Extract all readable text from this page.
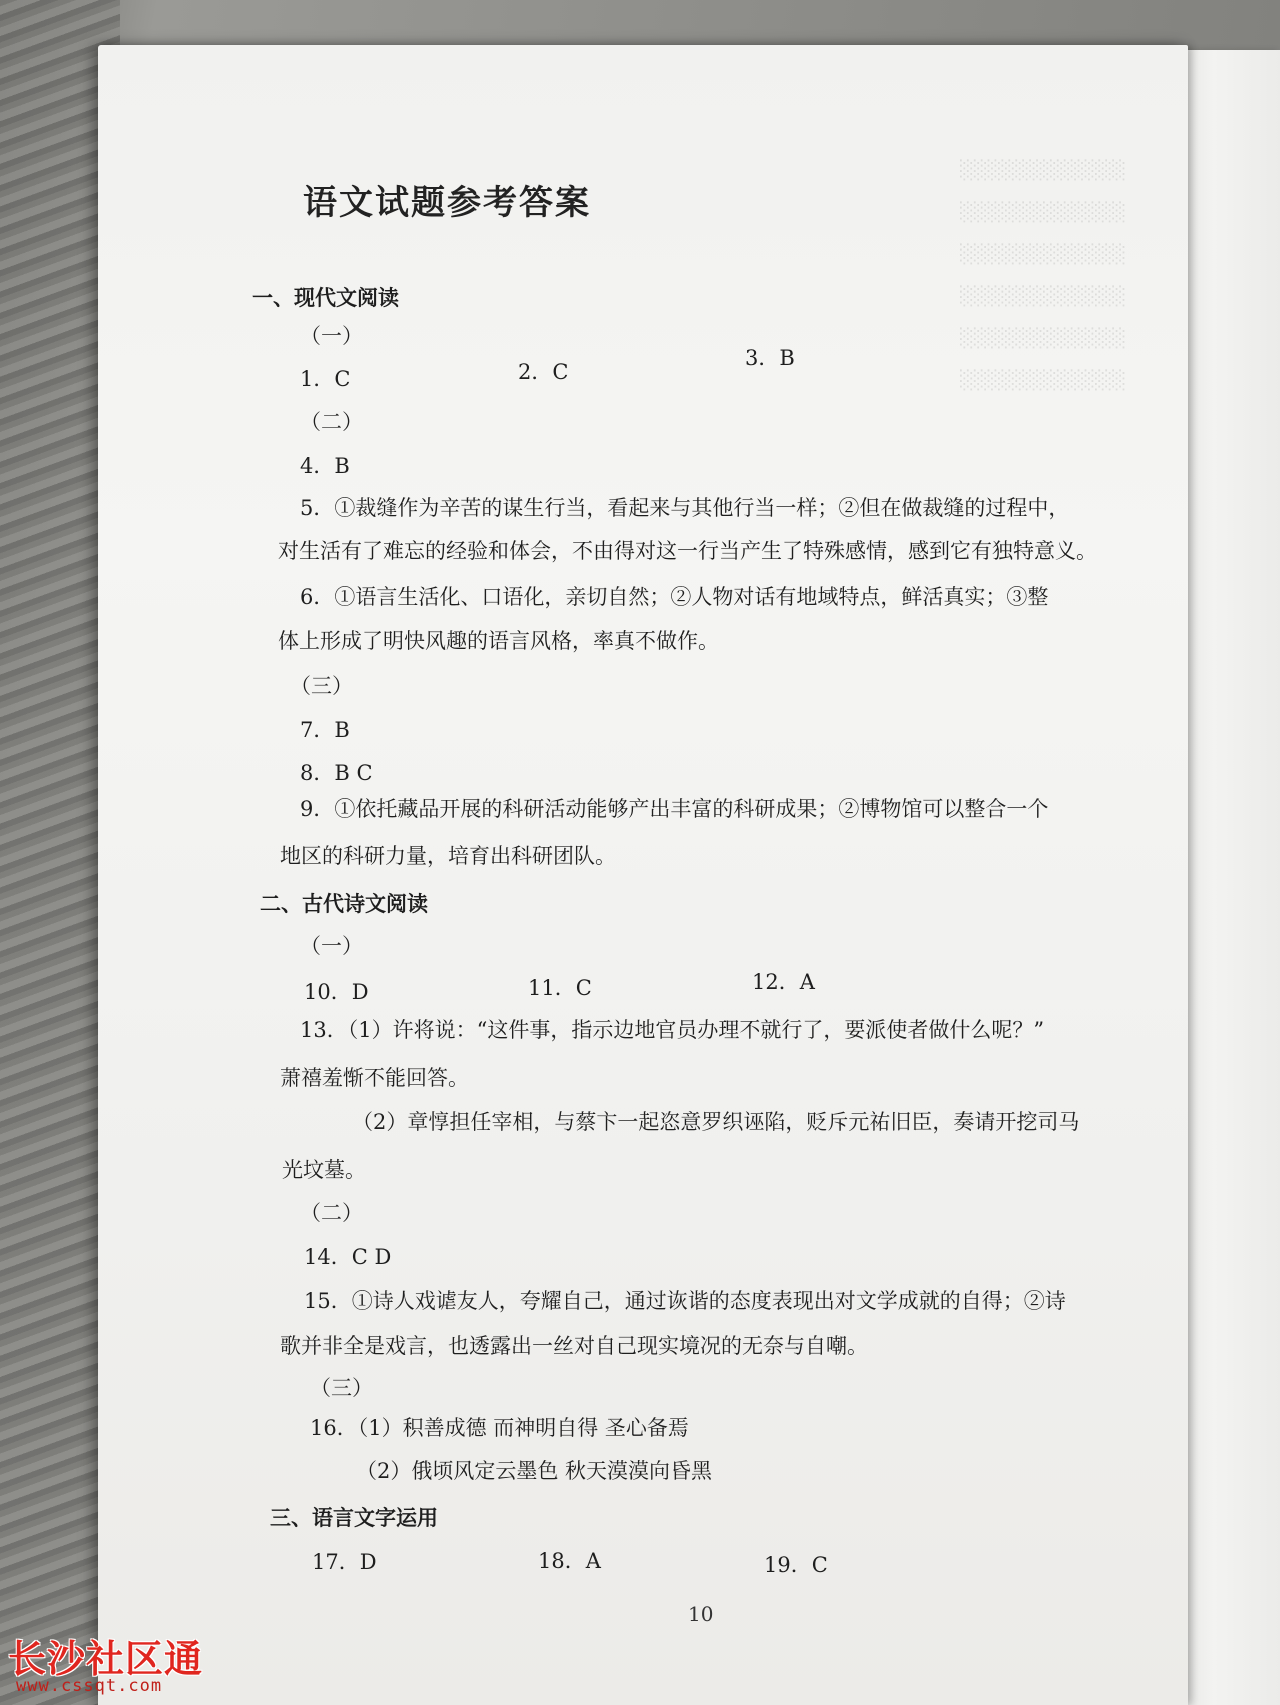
░░░░░░░░░░░░
░░░░░░░░░░░░
░░░░░░░░░░░░
░░░░░░░░░░░░
░░░░░░░░░░░░
░░░░░░░░░░░░
语文试题参考答案
一、现代文阅读
（一）
1．C	2．C
3．B
（二）
4．B
5．①裁缝作为辛苦的谋生行当，看起来与其他行当一样；②但在做裁缝的过程中，
对生活有了难忘的经验和体会，不由得对这一行当产生了特殊感情，感到它有独特意义。
6．①语言生活化、口语化，亲切自然；②人物对话有地域特点，鲜活真实；③整
体上形成了明快风趣的语言风格，率真不做作。
（三）
7．B
8．B C
9．①依托藏品开展的科研活动能够产出丰富的科研成果；②博物馆可以整合一个
地区的科研力量，培育出科研团队。
二、古代诗文阅读
（一）
10．D	11．C	12．A
13．（1）许将说：“这件事，指示边地官员办理不就行了，要派使者做什么呢？”
萧禧羞惭不能回答。
（2）章惇担任宰相，与蔡卞一起恣意罗织诬陷，贬斥元祐旧臣，奏请开挖司马
光坟墓。
（二）
14．C D
15．①诗人戏谑友人，夸耀自己，通过诙谐的态度表现出对文学成就的自得；②诗
歌并非全是戏言，也透露出一丝对自己现实境况的无奈与自嘲。
（三）
16．（1）积善成德 而神明自得 圣心备焉
（2）俄顷风定云墨色 秋天漠漠向昏黑
三、语言文字运用
17．D	18．A	19．C
10
长沙社区通
www.cssqt.com
